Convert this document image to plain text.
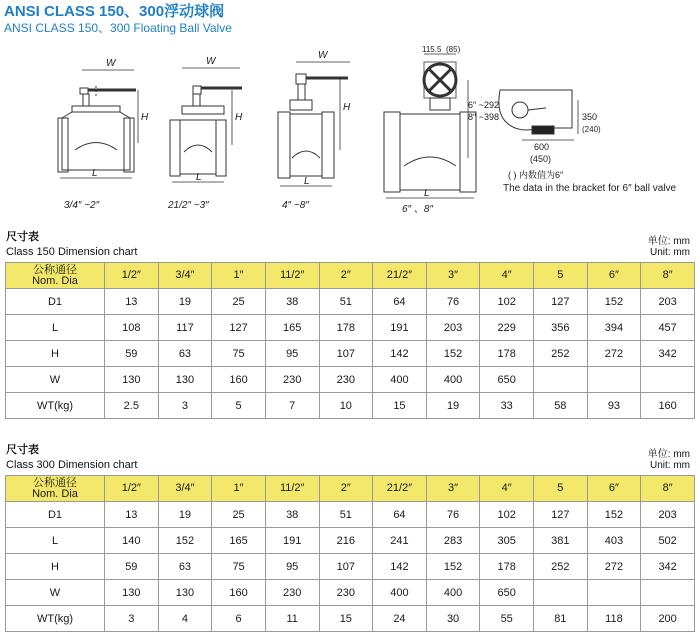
ANSI CLASS 150、300浮动球阀
ANSI CLASS 150、300 Floating Ball Valve
115.5 (85)
6″ ~292
8″ ~398
600
(450)
350
(240)
W
H
L
W
H
L
W
H
L
L
3/4″ ~2″	21/2″ ~3″	4″ ~8″	6″ 、8″
( ) 内数值为6″
The data in the bracket for 6″ ball valve
尺寸表
Class 150 Dimension chart
单位: mm
Unit: mm
公称通径
Nom. Dia	1/2″	3/4″	1″	11/2″	2″	21/2″	3″	4″	5	6″	8″
D1	13	19	25	38	51	64	76	102	127	152	203
L	108	117	127	165	178	191	203	229	356	394	457
H	59	63	75	95	107	142	152	178	252	272	342
W	130	130	160	230	230	400	400	650			
WT(kg)	2.5	3	5	7	10	15	19	33	58	93	160
尺寸表
Class 300 Dimension chart
单位: mm
Unit: mm
公称通径
Nom. Dia	1/2″	3/4″	1″	11/2″	2″	21/2″	3″	4″	5	6″	8″
D1	13	19	25	38	51	64	76	102	127	152	203
L	140	152	165	191	216	241	283	305	381	403	502
H	59	63	75	95	107	142	152	178	252	272	342
W	130	130	160	230	230	400	400	650			
WT(kg)	3	4	6	11	15	24	30	55	81	118	200
